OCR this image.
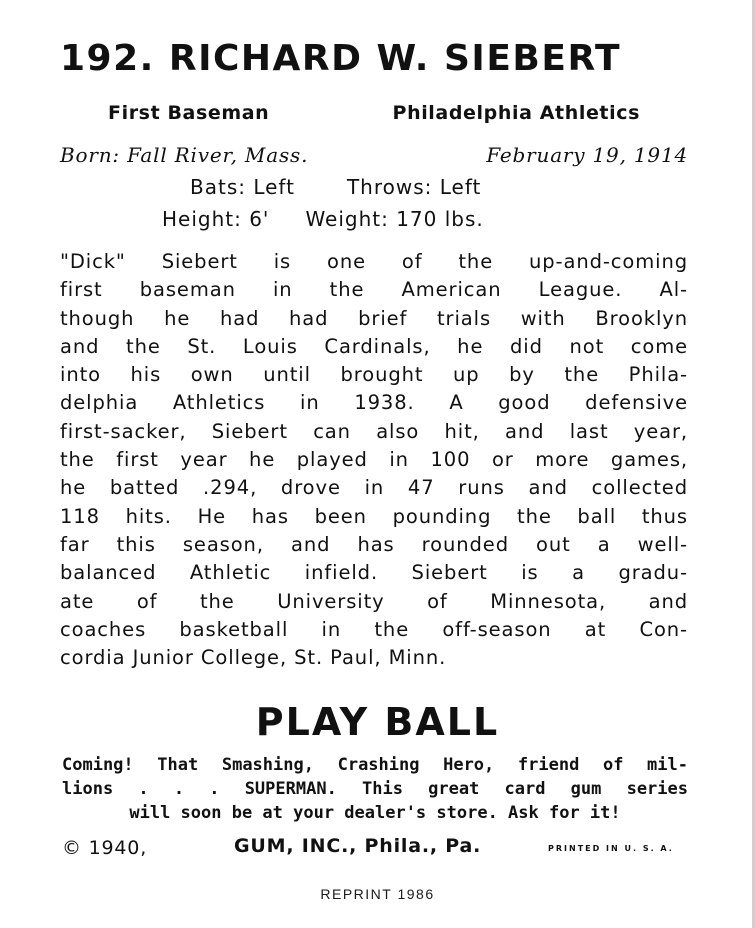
192. RICHARD W. SIEBERT
First Baseman	Philadelphia Athletics
Born: Fall River, Mass.	February 19, 1914
Bats: Left	Throws: Left
Height: 6' Weight: 170 lbs.
"Dick" Siebert is one of the up-and-coming
first baseman in the American League. Al-
though he had had brief trials with Brooklyn
and the St. Louis Cardinals, he did not come
into his own until brought up by the Phila-
delphia Athletics in 1938. A good defensive
first-sacker, Siebert can also hit, and last year,
the first year he played in 100 or more games,
he batted .294, drove in 47 runs and collected
118 hits. He has been pounding the ball thus
far this season, and has rounded out a well-
balanced Athletic infield. Siebert is a gradu-
ate of the University of Minnesota, and
coaches basketball in the off-season at Con-
cordia Junior College, St. Paul, Minn.
PLAY BALL
Coming! That Smashing, Crashing Hero, friend of mil-
lions . . . SUPERMAN. This great card gum series
will soon be at your dealer's store. Ask for it!
© 1940,	GUM, INC., Phila., Pa.	PRINTED IN U. S. A.
REPRINT 1986
